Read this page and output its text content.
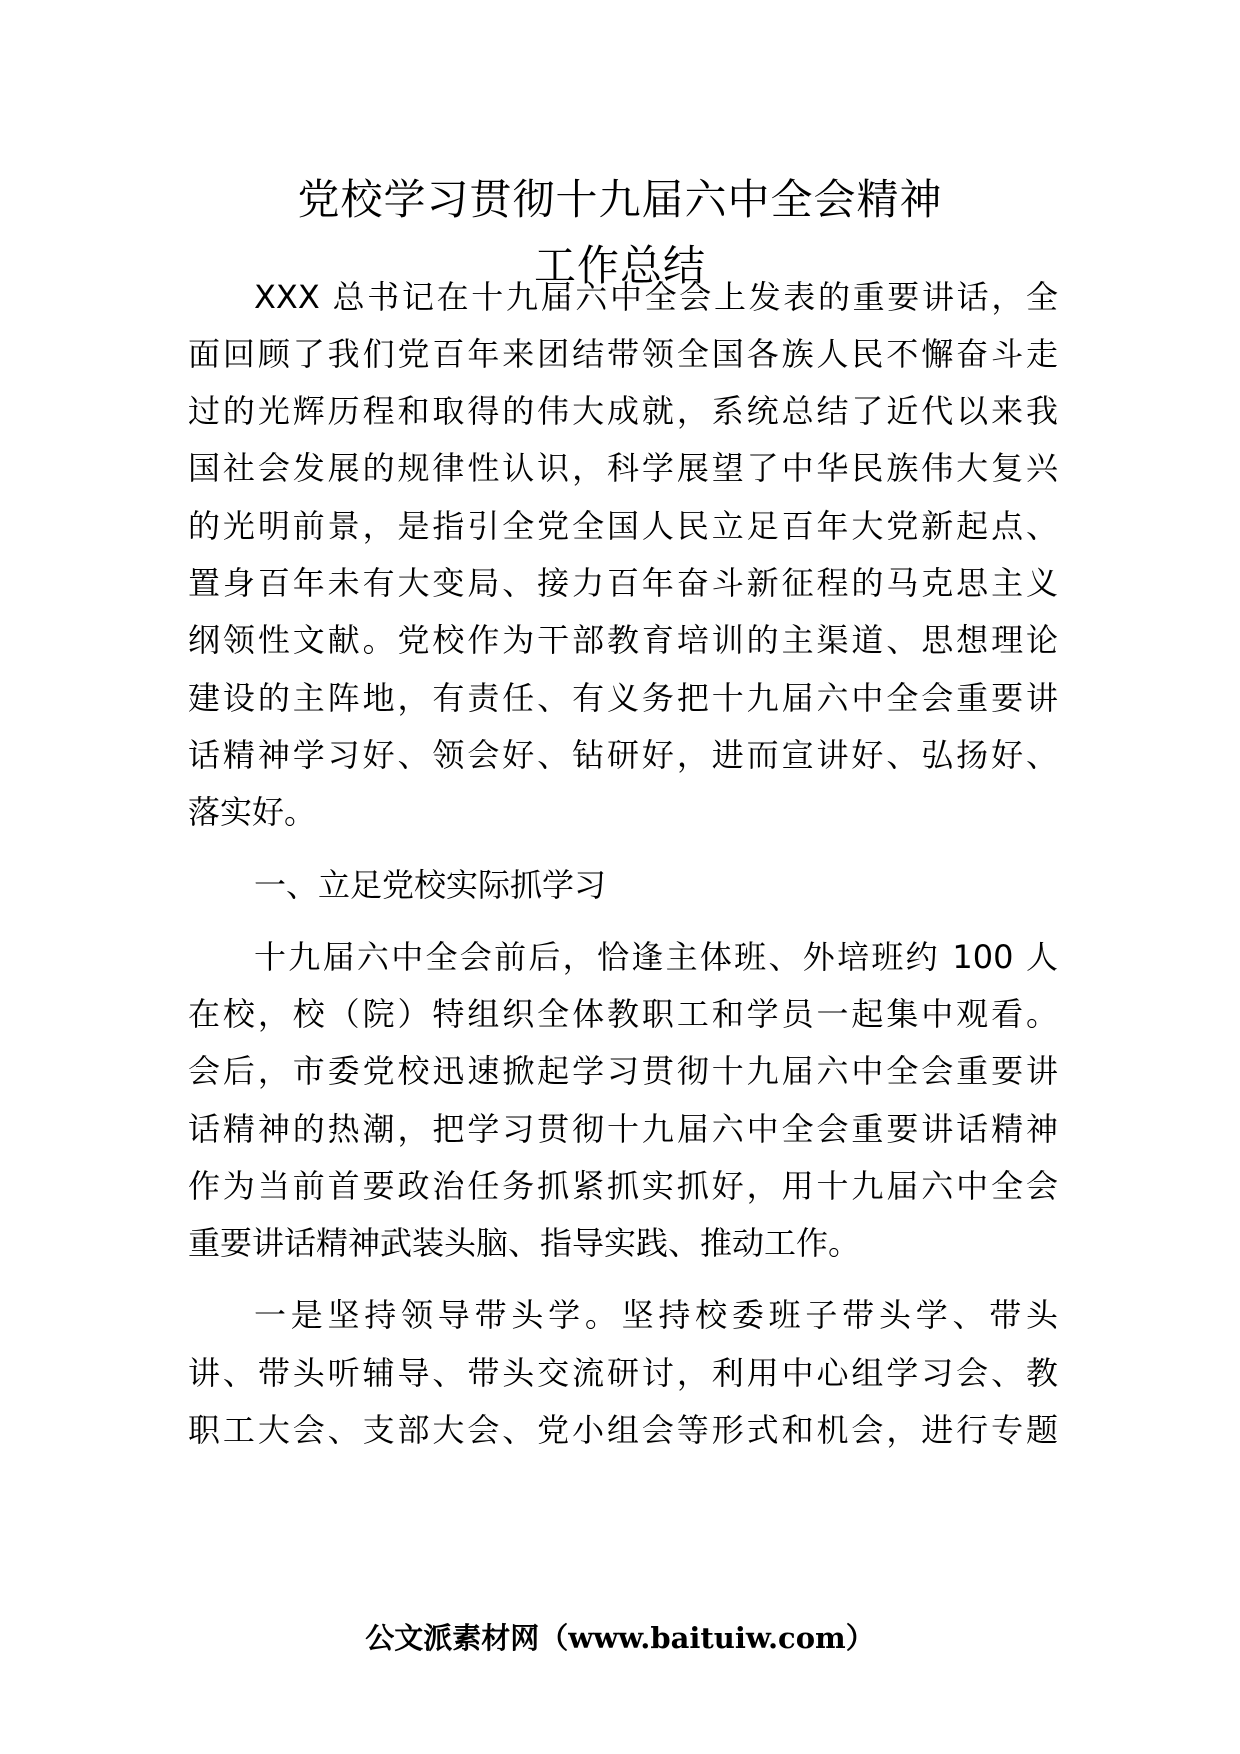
党校学习贯彻十九届六中全会精神
工作总结

XXX 总书记在十九届六中全会上发表的重要讲话，全

面回顾了我们党百年来团结带领全国各族人民不懈奋斗走

过的光辉历程和取得的伟大成就，系统总结了近代以来我

国社会发展的规律性认识，科学展望了中华民族伟大复兴

的光明前景，是指引全党全国人民立足百年大党新起点、

置身百年未有大变局、接力百年奋斗新征程的马克思主义

纲领性文献。党校作为干部教育培训的主渠道、思想理论

建设的主阵地，有责任、有义务把十九届六中全会重要讲

话精神学习好、领会好、钻研好，进而宣讲好、弘扬好、

落实好。

一、立足党校实际抓学习

十九届六中全会前后，恰逢主体班、外培班约 100 人

在校，校（院）特组织全体教职工和学员一起集中观看。

会后，市委党校迅速掀起学习贯彻十九届六中全会重要讲

话精神的热潮，把学习贯彻十九届六中全会重要讲话精神

作为当前首要政治任务抓紧抓实抓好，用十九届六中全会

重要讲话精神武装头脑、指导实践、推动工作。

一是坚持领导带头学。坚持校委班子带头学、带头

讲、带头听辅导、带头交流研讨，利用中心组学习会、教

职工大会、支部大会、党小组会等形式和机会，进行专题

公文派素材网（www.baituiw.com）
